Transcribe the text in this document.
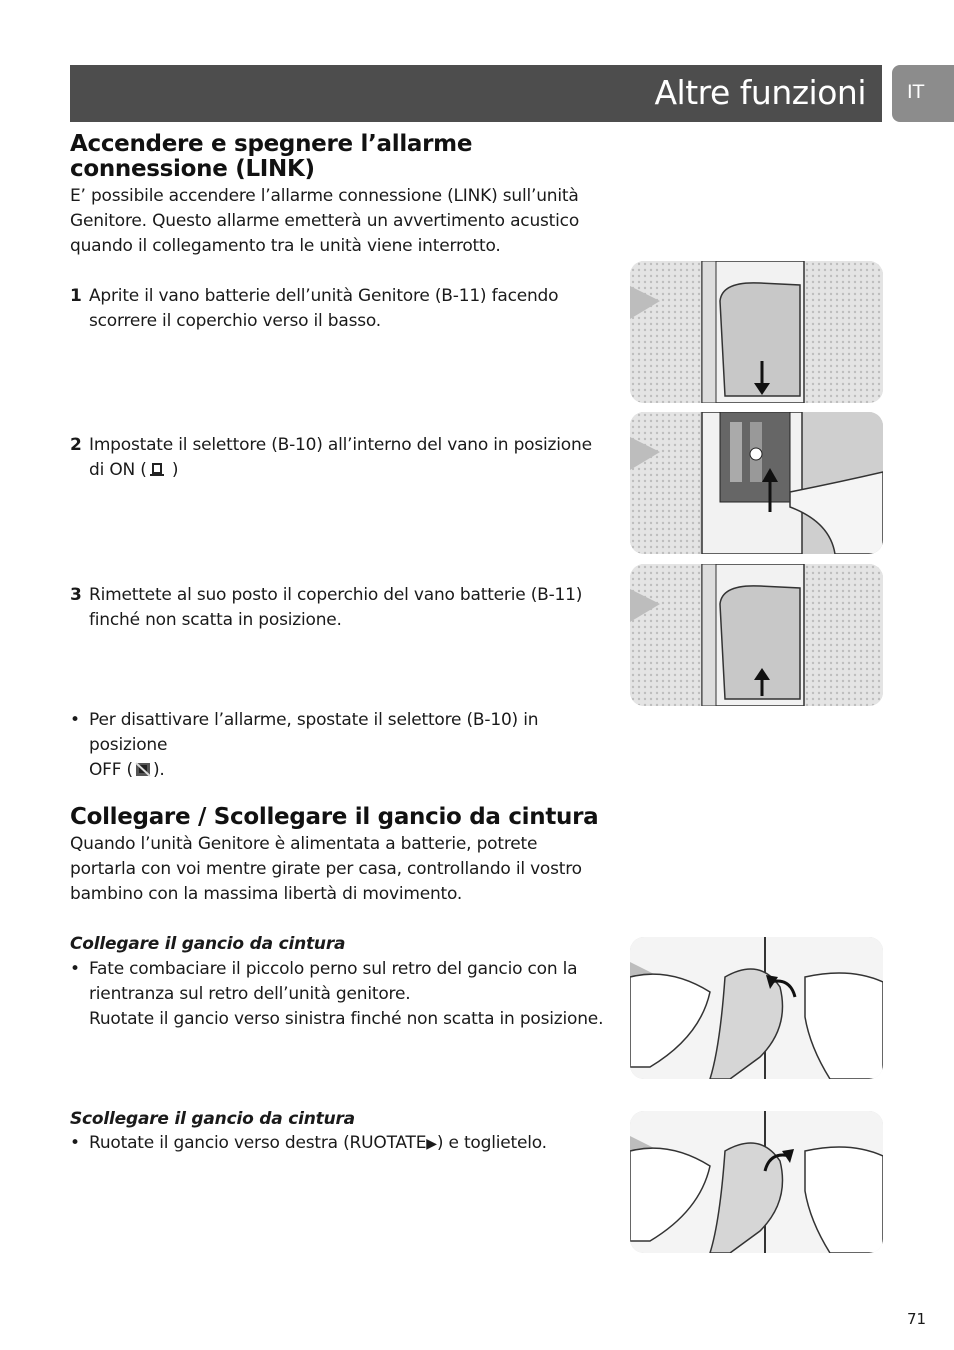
Altre funzioni IT
Accendere e spegnere l’allarme connessione (LINK)
E’ possibile accendere l’allarme connessione (LINK) sull’unità
Genitore. Questo allarme emetterà un avvertimento acustico
quando il collegamento tra le unità viene interrotto.
1 Aprite il vano batterie dell’unità Genitore (B-11) facendo
scorrere il coperchio verso il basso.
2 Impostate il selettore (B-10) all’interno del vano in posizione
di ON ( )
3 Rimettete al suo posto il coperchio del vano batterie (B-11)
finché non scatta in posizione.
• Per disattivare l’allarme, spostate il selettore (B-10) in
posizione
OFF ( ).
Collegare / Scollegare il gancio da cintura
Quando l’unità Genitore è alimentata a batterie, potrete
portarla con voi mentre girate per casa, controllando il vostro
bambino con la massima libertà di movimento.
Collegare il gancio da cintura
• Fate combaciare il piccolo perno sul retro del gancio con la
rientranza sul retro dell’unità genitore.
Ruotate il gancio verso sinistra finché non scatta in posizione.
Scollegare il gancio da cintura
• Ruotate il gancio verso destra (RUOTATE▶) e toglietelo.
71
